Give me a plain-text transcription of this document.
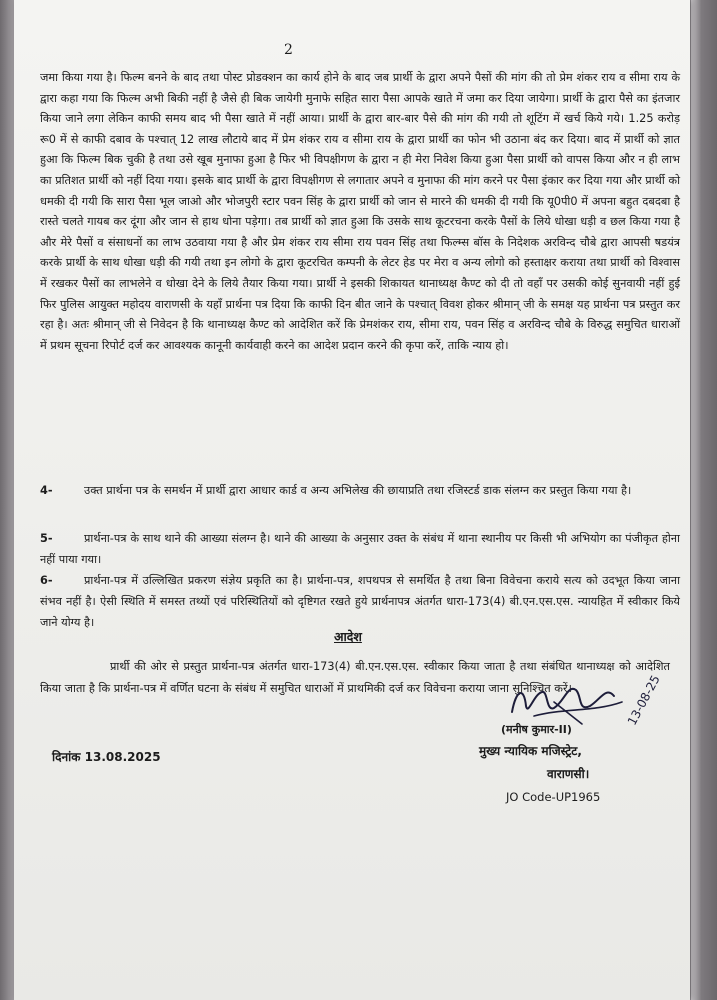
2

जमा किया गया है। फिल्म बनने के बाद तथा पोस्ट प्रोडक्शन का कार्य होने के बाद जब प्रार्थी के द्वारा अपने पैसों की मांग की तो प्रेम शंकर राय व सीमा राय के द्वारा कहा गया कि फिल्म अभी बिकी नहीं है जैसे ही बिक जायेगी मुनाफे सहित सारा पैसा आपके खाते में जमा कर दिया जायेगा। प्रार्थी के द्वारा पैसे का इंतजार किया जाने लगा लेकिन काफी समय बाद भी पैसा खाते में नहीं आया। प्रार्थी के द्वारा बार-बार पैसे की मांग की गयी तो शूटिंग में खर्च किये गये। 1.25 करोड़ रू0 में से काफी दबाव के पश्चात् 12 लाख लौटाये बाद में प्रेम शंकर राय व सीमा राय के द्वारा प्रार्थी का फोन भी उठाना बंद कर दिया। बाद में प्रार्थी को ज्ञात हुआ कि फिल्म बिक चुकी है तथा उसे खूब मुनाफा हुआ है फिर भी विपक्षीगण के द्वारा न ही मेरा निवेश किया हुआ पैसा प्रार्थी को वापस किया और न ही लाभ का प्रतिशत प्रार्थी को नहीं दिया गया। इसके बाद प्रार्थी के द्वारा विपक्षीगण से लगातार अपने व मुनाफा की मांग करने पर पैसा इंकार कर दिया गया और प्रार्थी को धमकी दी गयी कि सारा पैसा भूल जाओ और भोजपुरी स्टार पवन सिंह के द्वारा प्रार्थी को जान से मारने की धमकी दी गयी कि यू0पी0 में अपना बहुत दबदबा है रास्ते चलते गायब कर दूंगा और जान से हाथ धोना पड़ेगा। तब प्रार्थी को ज्ञात हुआ कि उसके साथ कूटरचना करके पैसों के लिये धोखा धड़ी व छल किया गया है और मेरे पैसों व संसाधनों का लाभ उठवाया गया है और प्रेम शंकर राय सीमा राय पवन सिंह तथा फिल्म्स बॉस के निदेशक अरविन्द चौबे द्वारा आपसी षडयंत्र करके प्रार्थी के साथ धोखा धड़ी की गयी तथा इन लोगो के द्वारा कूटरचित कम्पनी के लेटर हेड पर मेरा व अन्य लोगो को हस्ताक्षर कराया तथा प्रार्थी को विश्वास में रखकर पैसों का लाभलेने व धोखा देने के लिये तैयार किया गया। प्रार्थी ने इसकी शिकायत थानाध्यक्ष कैण्ट को दी तो वहाँ पर उसकी कोई सुनवायी नहीं हुई फिर पुलिस आयुक्त महोदय वाराणसी के यहाँ प्रार्थना पत्र दिया कि काफी दिन बीत जाने के पश्चात् विवश होकर श्रीमान् जी के समक्ष यह प्रार्थना पत्र प्रस्तुत कर रहा है। अतः श्रीमान् जी से निवेदन है कि थानाध्यक्ष कैण्ट को आदेशित करें कि प्रेमशंकर राय, सीमा राय, पवन सिंह व अरविन्द चौबे के विरुद्ध समुचित धाराओं में प्रथम सूचना रिपोर्ट दर्ज कर आवश्यक कानूनी कार्यवाही करने का आदेश प्रदान करने की कृपा करें, ताकि न्याय हो।

4-	उक्त प्रार्थना पत्र के समर्थन में प्रार्थी द्वारा आधार कार्ड व अन्य अभिलेख की छायाप्रति तथा रजिस्टर्ड डाक संलग्न कर प्रस्तुत किया गया है।

5-	प्रार्थना-पत्र के साथ थाने की आख्या संलग्न है। थाने की आख्या के अनुसार उक्त के संबंध में थाना स्थानीय पर किसी भी अभियोग का पंजीकृत होना नहीं पाया गया।

6-	प्रार्थना-पत्र में उल्लिखित प्रकरण संज्ञेय प्रकृति का है। प्रार्थना-पत्र, शपथपत्र से समर्थित है तथा बिना विवेचना कराये सत्य को उदभूत किया जाना संभव नहीं है। ऐसी स्थिति में समस्त तथ्यों एवं परिस्थितियों को दृष्टिगत रखते हुये प्रार्थनापत्र अंतर्गत धारा-173(4) बी.एन.एस.एस. न्यायहित में स्वीकार किये जाने योग्य है।

आदेश

प्रार्थी की ओर से प्रस्तुत प्रार्थना-पत्र अंतर्गत धारा-173(4) बी.एन.एस.एस. स्वीकार किया जाता है तथा संबंधित थानाध्यक्ष को आदेशित किया जाता है कि प्रार्थना-पत्र में वर्णित घटना के संबंध में समुचित धाराओं में प्राथमिकी दर्ज कर विवेचना कराया जाना सुनिश्चित करें।	13-08-25
(मनीष कुमार-II)
दिनांक 13.08.2025	मुख्य न्यायिक मजिस्ट्रेट,
वाराणसी।
JO Code-UP1965
